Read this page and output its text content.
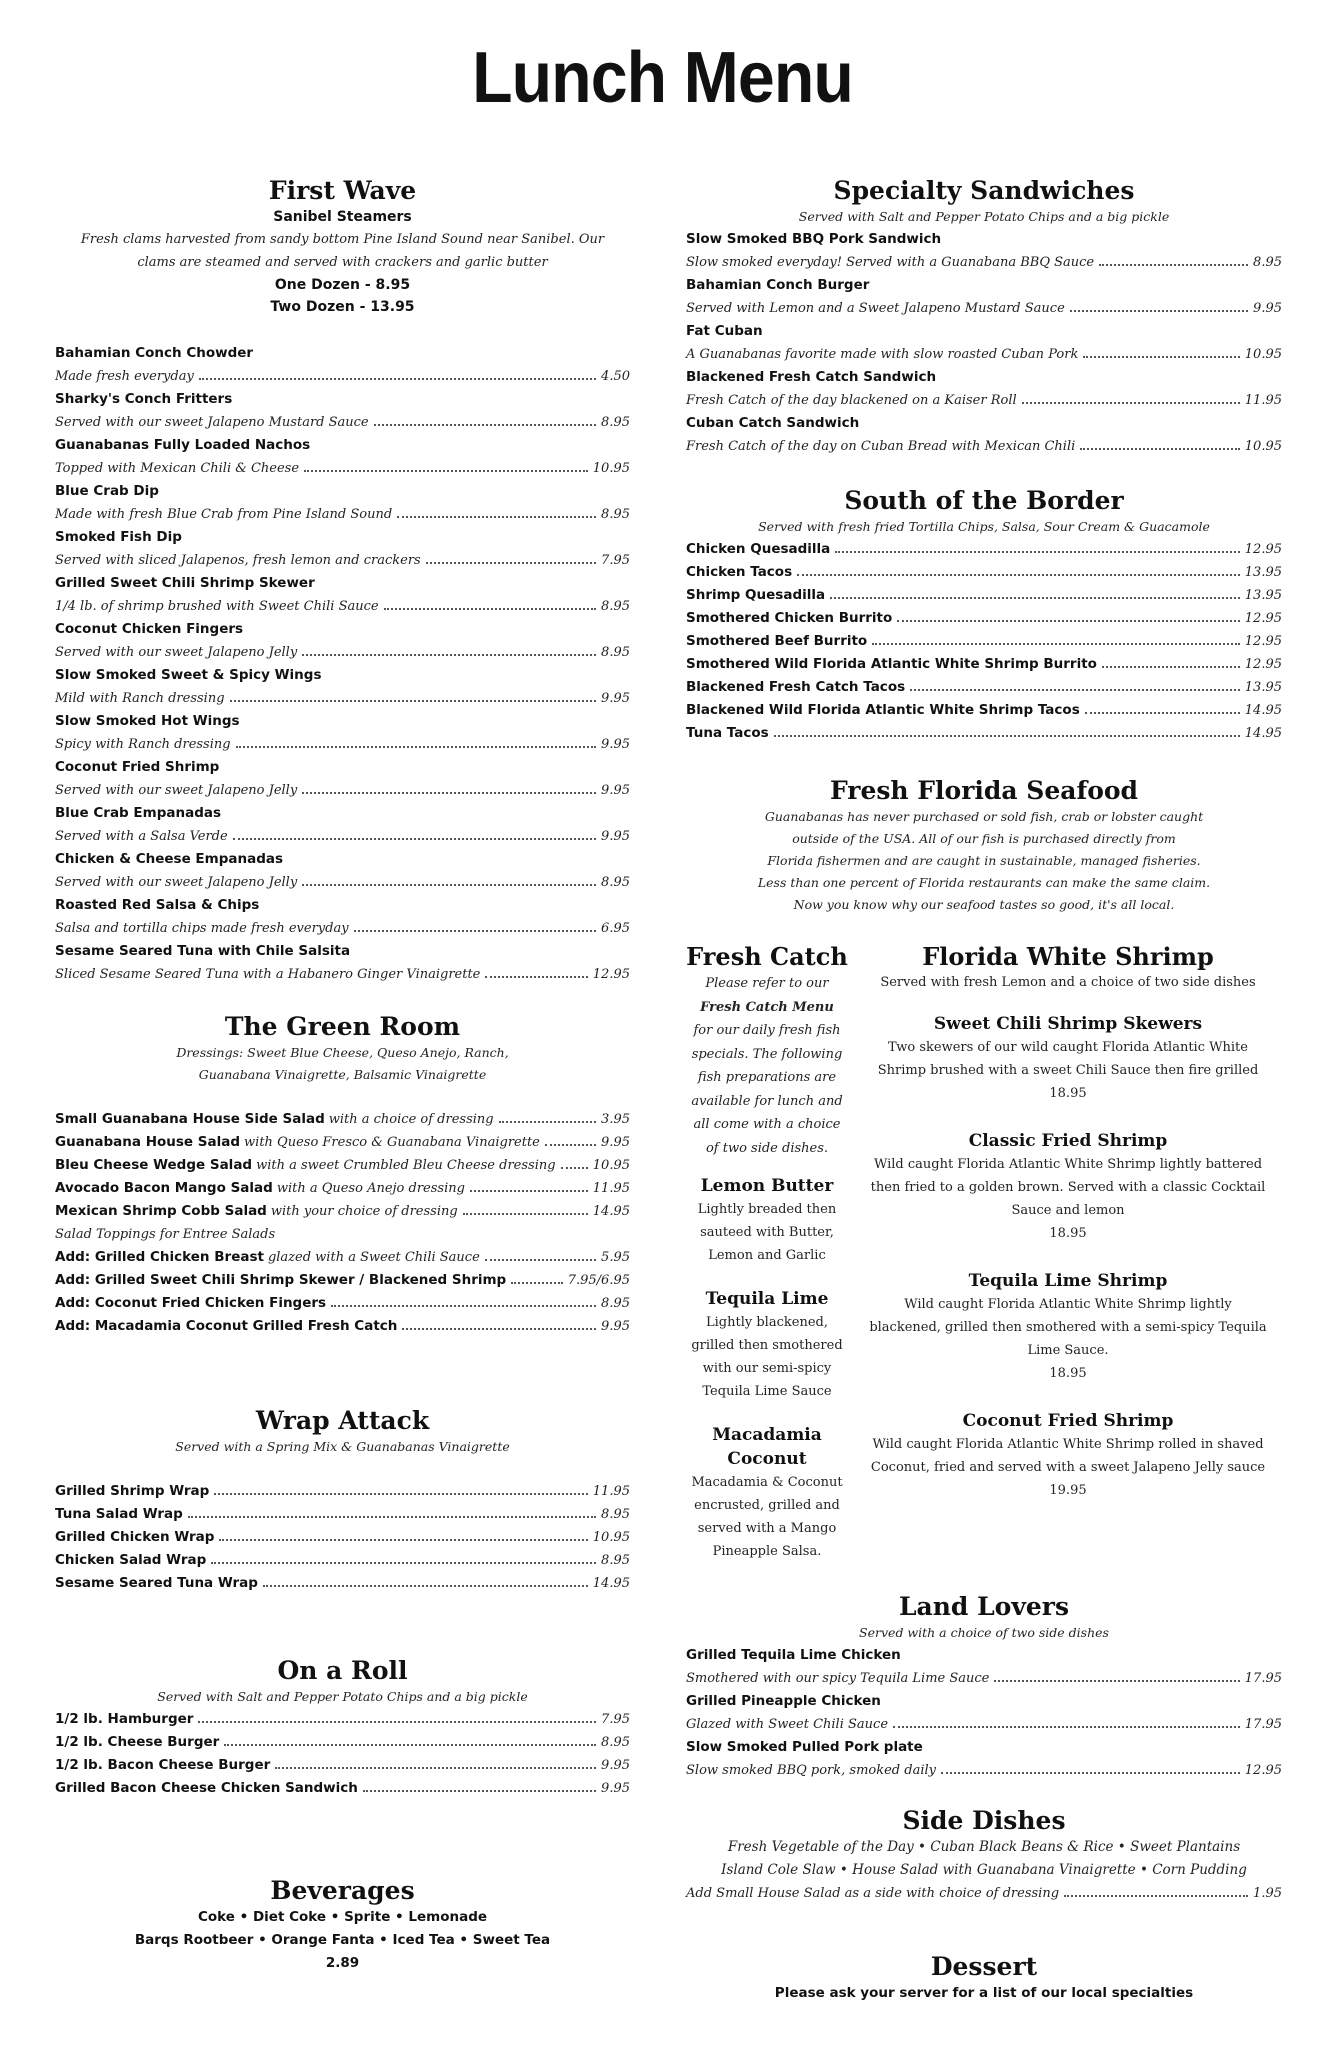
Lunch Menu
First Wave
Sanibel Steamers
Fresh clams harvested from sandy bottom Pine Island Sound near Sanibel. Our
clams are steamed and served with crackers and garlic butter
One Dozen - 8.95
Two Dozen - 13.95
Bahamian Conch Chowder
Made fresh everyday	4.50
Sharky's Conch Fritters
Served with our sweet Jalapeno Mustard Sauce	8.95
Guanabanas Fully Loaded Nachos
Topped with Mexican Chili & Cheese	10.95
Blue Crab Dip
Made with fresh Blue Crab from Pine Island Sound	8.95
Smoked Fish Dip
Served with sliced Jalapenos, fresh lemon and crackers	7.95
Grilled Sweet Chili Shrimp Skewer
1/4 lb. of shrimp brushed with Sweet Chili Sauce	8.95
Coconut Chicken Fingers
Served with our sweet Jalapeno Jelly	8.95
Slow Smoked Sweet & Spicy Wings
Mild with Ranch dressing	9.95
Slow Smoked Hot Wings
Spicy with Ranch dressing	9.95
Coconut Fried Shrimp
Served with our sweet Jalapeno Jelly	9.95
Blue Crab Empanadas
Served with a Salsa Verde	9.95
Chicken & Cheese Empanadas
Served with our sweet Jalapeno Jelly	8.95
Roasted Red Salsa & Chips
Salsa and tortilla chips made fresh everyday	6.95
Sesame Seared Tuna with Chile Salsita
Sliced Sesame Seared Tuna with a Habanero Ginger Vinaigrette	12.95
The Green Room
Dressings: Sweet Blue Cheese, Queso Anejo, Ranch,
Guanabana Vinaigrette, Balsamic Vinaigrette
Small Guanabana House Side Salad with a choice of dressing	3.95
Guanabana House Salad with Queso Fresco & Guanabana Vinaigrette	9.95
Bleu Cheese Wedge Salad with a sweet Crumbled Bleu Cheese dressing	10.95
Avocado Bacon Mango Salad with a Queso Anejo dressing	11.95
Mexican Shrimp Cobb Salad with your choice of dressing	14.95
Salad Toppings for Entree Salads
Add: Grilled Chicken Breast glazed with a Sweet Chili Sauce	5.95
Add: Grilled Sweet Chili Shrimp Skewer / Blackened Shrimp	7.95/6.95
Add: Coconut Fried Chicken Fingers	8.95
Add: Macadamia Coconut Grilled Fresh Catch	9.95
Wrap Attack
Served with a Spring Mix & Guanabanas Vinaigrette
Grilled Shrimp Wrap	11.95
Tuna Salad Wrap	8.95
Grilled Chicken Wrap	10.95
Chicken Salad Wrap	8.95
Sesame Seared Tuna Wrap	14.95
On a Roll
Served with Salt and Pepper Potato Chips and a big pickle
1/2 lb. Hamburger	7.95
1/2 lb. Cheese Burger	8.95
1/2 lb. Bacon Cheese Burger	9.95
Grilled Bacon Cheese Chicken Sandwich	9.95
Beverages
Coke • Diet Coke • Sprite • Lemonade
Barqs Rootbeer • Orange Fanta • Iced Tea • Sweet Tea
2.89
Specialty Sandwiches
Served with Salt and Pepper Potato Chips and a big pickle
Slow Smoked BBQ Pork Sandwich
Slow smoked everyday! Served with a Guanabana BBQ Sauce	8.95
Bahamian Conch Burger
Served with Lemon and a Sweet Jalapeno Mustard Sauce	9.95
Fat Cuban
A Guanabanas favorite made with slow roasted Cuban Pork	10.95
Blackened Fresh Catch Sandwich
Fresh Catch of the day blackened on a Kaiser Roll	11.95
Cuban Catch Sandwich
Fresh Catch of the day on Cuban Bread with Mexican Chili	10.95
South of the Border
Served with fresh fried Tortilla Chips, Salsa, Sour Cream & Guacamole
Chicken Quesadilla	12.95
Chicken Tacos	13.95
Shrimp Quesadilla	13.95
Smothered Chicken Burrito	12.95
Smothered Beef Burrito	12.95
Smothered Wild Florida Atlantic White Shrimp Burrito	12.95
Blackened Fresh Catch Tacos	13.95
Blackened Wild Florida Atlantic White Shrimp Tacos	14.95
Tuna Tacos	14.95
Fresh Florida Seafood
Guanabanas has never purchased or sold fish, crab or lobster caught
outside of the USA. All of our fish is purchased directly from
Florida fishermen and are caught in sustainable, managed fisheries.
Less than one percent of Florida restaurants can make the same claim.
Now you know why our seafood tastes so good, it's all local.
Fresh Catch
Please refer to our
Fresh Catch Menu
for our daily fresh fish specials. The following fish preparations are available for lunch and all come with a choice of two side dishes.
Lemon Butter
Lightly breaded then sauteed with Butter, Lemon and Garlic
Tequila Lime
Lightly blackened, grilled then smothered with our semi-spicy Tequila Lime Sauce
Macadamia Coconut
Macadamia & Coconut encrusted, grilled and served with a Mango Pineapple Salsa.
Florida White Shrimp
Served with fresh Lemon and a choice of two side dishes
Sweet Chili Shrimp Skewers
Two skewers of our wild caught Florida Atlantic White Shrimp brushed with a sweet Chili Sauce then fire grilled
18.95
Classic Fried Shrimp
Wild caught Florida Atlantic White Shrimp lightly battered then fried to a golden brown. Served with a classic Cocktail Sauce and lemon
18.95
Tequila Lime Shrimp
Wild caught Florida Atlantic White Shrimp lightly blackened, grilled then smothered with a semi-spicy Tequila Lime Sauce.
18.95
Coconut Fried Shrimp
Wild caught Florida Atlantic White Shrimp rolled in shaved Coconut, fried and served with a sweet Jalapeno Jelly sauce
19.95
Land Lovers
Served with a choice of two side dishes
Grilled Tequila Lime Chicken
Smothered with our spicy Tequila Lime Sauce	17.95
Grilled Pineapple Chicken
Glazed with Sweet Chili Sauce	17.95
Slow Smoked Pulled Pork plate
Slow smoked BBQ pork, smoked daily	12.95
Side Dishes
Fresh Vegetable of the Day • Cuban Black Beans & Rice • Sweet Plantains
Island Cole Slaw • House Salad with Guanabana Vinaigrette • Corn Pudding
Add Small House Salad as a side with choice of dressing	1.95
Dessert
Please ask your server for a list of our local specialties
